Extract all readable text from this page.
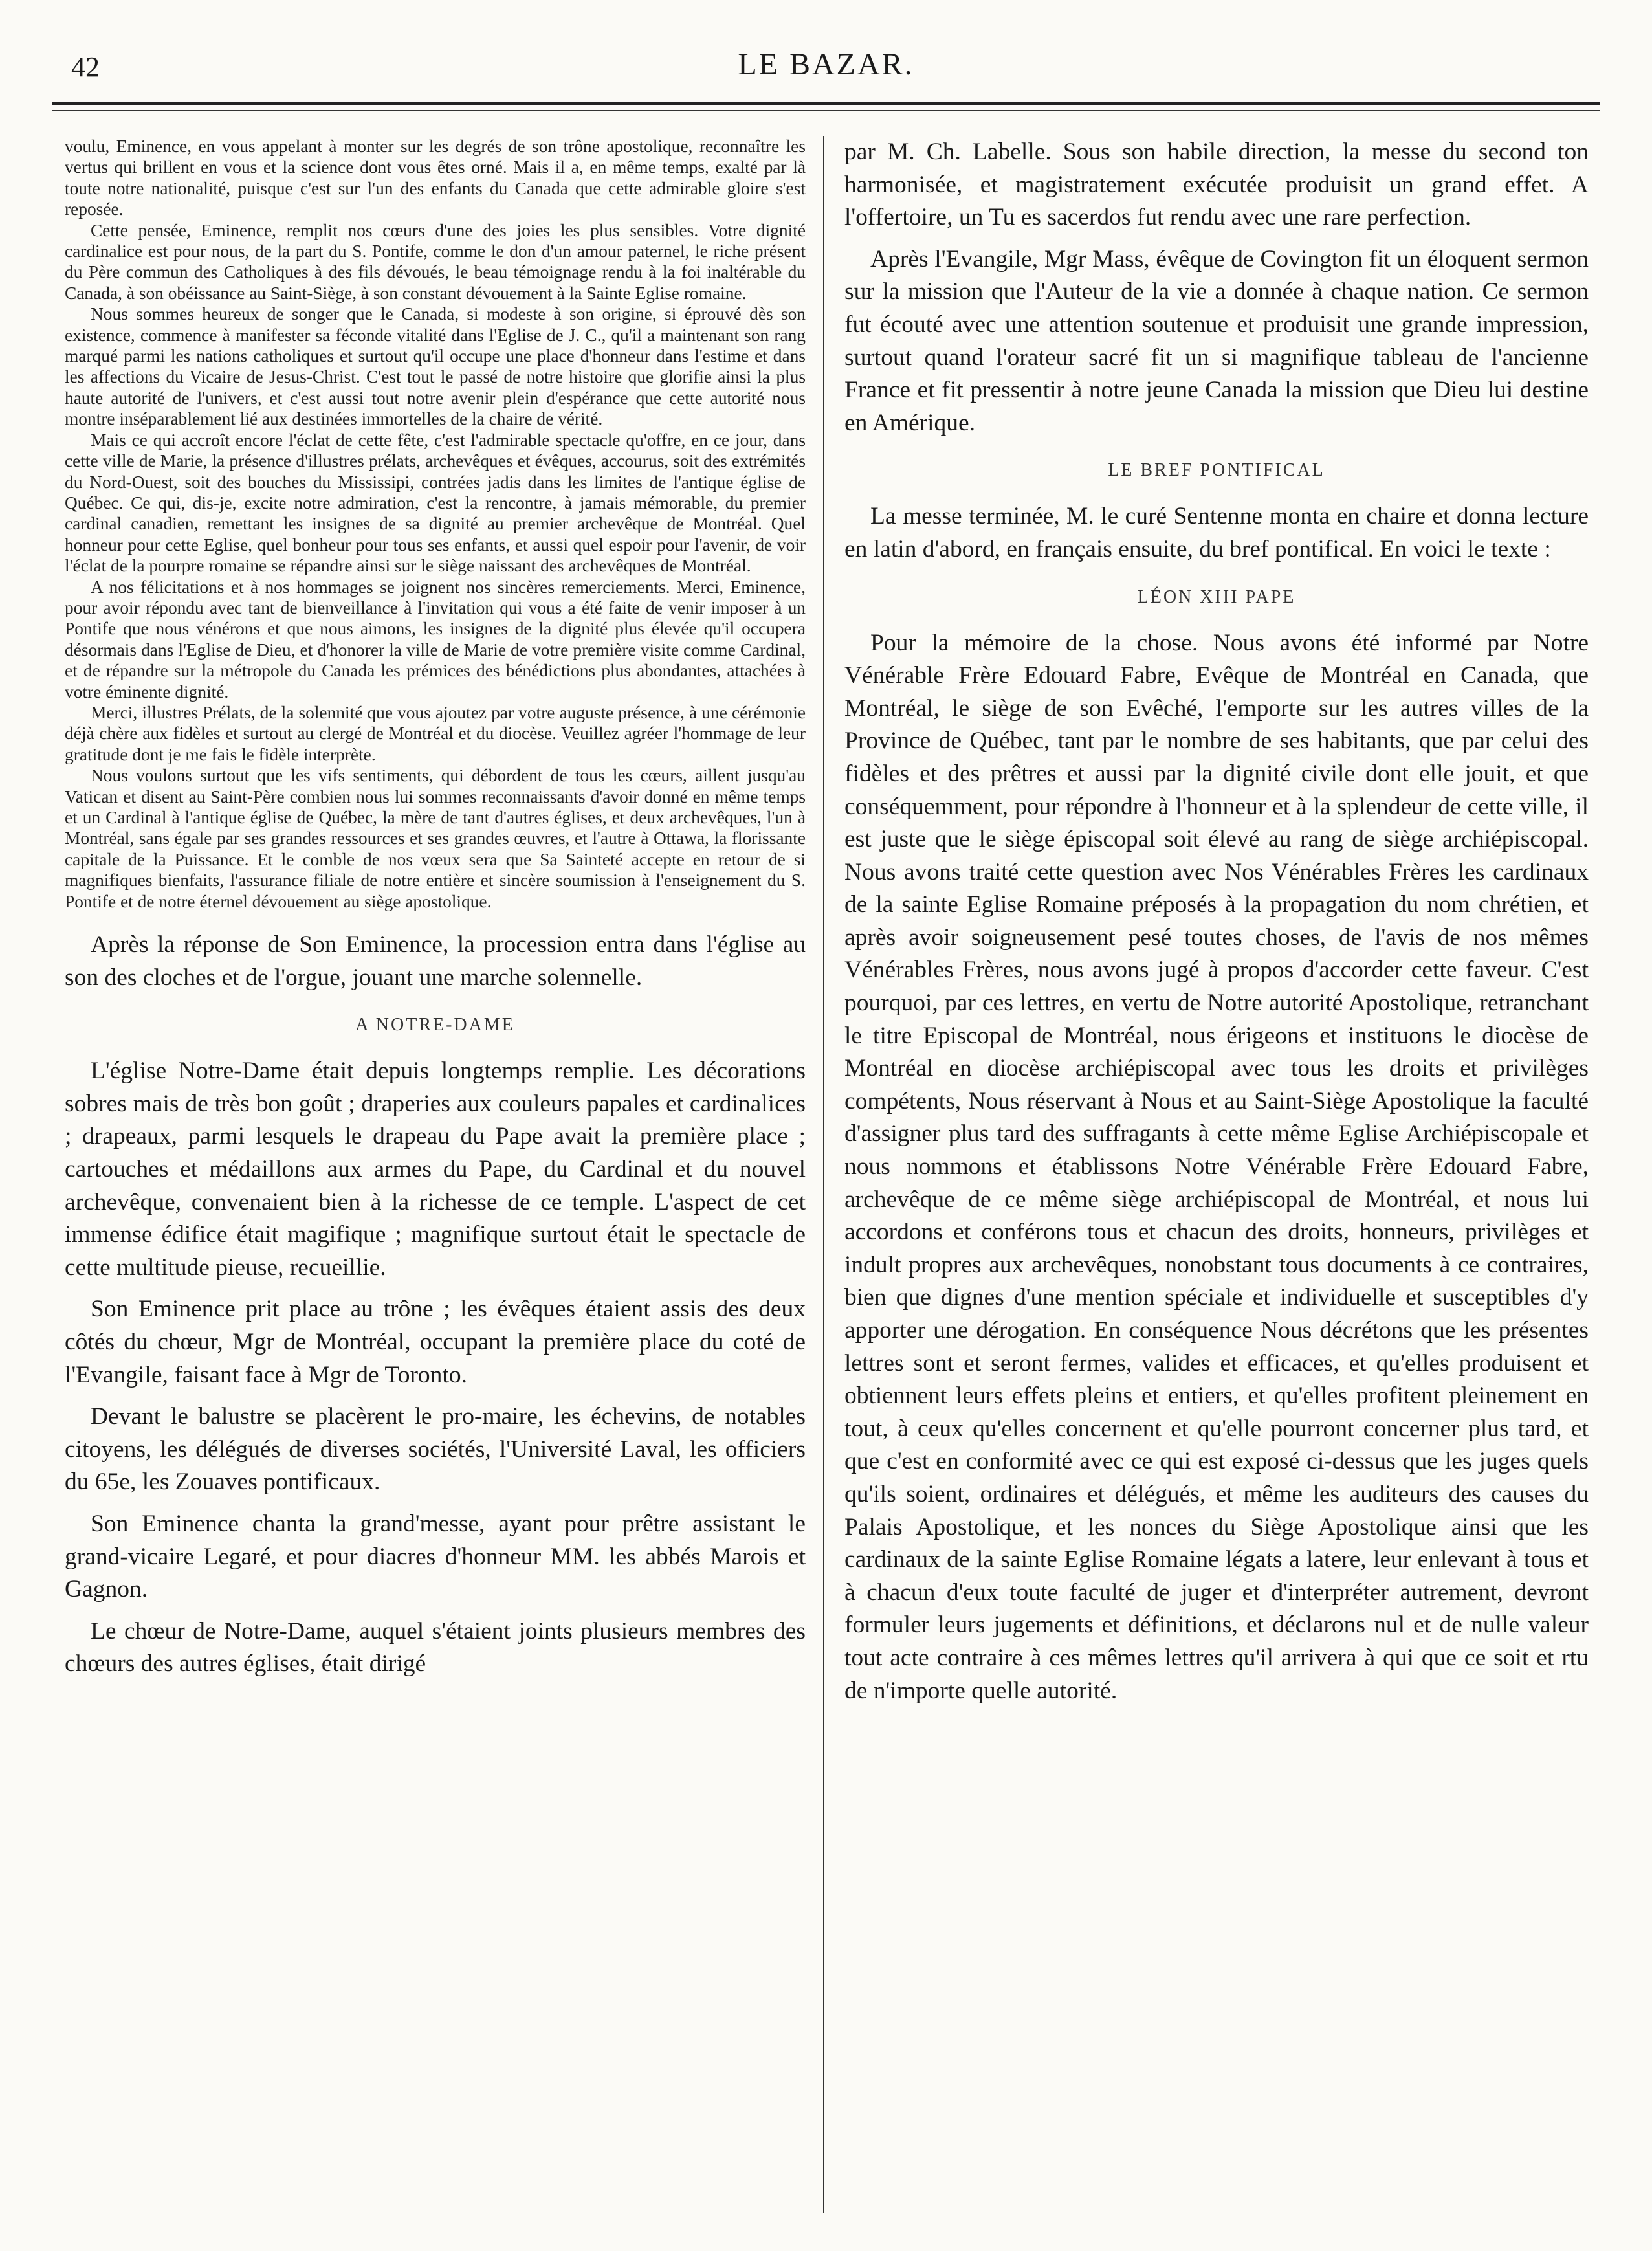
42	LE BAZAR.

voulu, Eminence, en vous appelant à monter sur les degrés de son trône apostolique, reconnaître les vertus qui brillent en vous et la science dont vous êtes orné. Mais il a, en même temps, exalté par là toute notre nationalité, puisque c'est sur l'un des enfants du Canada que cette admirable gloire s'est reposée.

Cette pensée, Eminence, remplit nos cœurs d'une des joies les plus sensibles. Votre dignité cardinalice est pour nous, de la part du S. Pontife, comme le don d'un amour paternel, le riche présent du Père commun des Catholiques à des fils dévoués, le beau témoignage rendu à la foi inaltérable du Canada, à son obéissance au Saint-Siège, à son constant dévouement à la Sainte Eglise romaine.

Nous sommes heureux de songer que le Canada, si modeste à son origine, si éprouvé dès son existence, commence à manifester sa féconde vitalité dans l'Eglise de J. C., qu'il a maintenant son rang marqué parmi les nations catholiques et surtout qu'il occupe une place d'honneur dans l'estime et dans les affections du Vicaire de Jesus-Christ. C'est tout le passé de notre histoire que glorifie ainsi la plus haute autorité de l'univers, et c'est aussi tout notre avenir plein d'espérance que cette autorité nous montre inséparablement lié aux destinées immortelles de la chaire de vérité.

Mais ce qui accroît encore l'éclat de cette fête, c'est l'admirable spectacle qu'offre, en ce jour, dans cette ville de Marie, la présence d'illustres prélats, archevêques et évêques, accourus, soit des extrémités du Nord-Ouest, soit des bouches du Mississipi, contrées jadis dans les limites de l'antique église de Québec. Ce qui, dis-je, excite notre admiration, c'est la rencontre, à jamais mémorable, du premier cardinal canadien, remettant les insignes de sa dignité au premier archevêque de Montréal. Quel honneur pour cette Eglise, quel bonheur pour tous ses enfants, et aussi quel espoir pour l'avenir, de voir l'éclat de la pourpre romaine se répandre ainsi sur le siège naissant des archevêques de Montréal.

A nos félicitations et à nos hommages se joignent nos sincères remerciements. Merci, Eminence, pour avoir répondu avec tant de bienveillance à l'invitation qui vous a été faite de venir imposer à un Pontife que nous vénérons et que nous aimons, les insignes de la dignité plus élevée qu'il occupera désormais dans l'Eglise de Dieu, et d'honorer la ville de Marie de votre première visite comme Cardinal, et de répandre sur la métropole du Canada les prémices des bénédictions plus abondantes, attachées à votre éminente dignité.

Merci, illustres Prélats, de la solennité que vous ajoutez par votre auguste présence, à une cérémonie déjà chère aux fidèles et surtout au clergé de Montréal et du diocèse. Veuillez agréer l'hommage de leur gratitude dont je me fais le fidèle interprète.

Nous voulons surtout que les vifs sentiments, qui débordent de tous les cœurs, aillent jusqu'au Vatican et disent au Saint-Père combien nous lui sommes reconnaissants d'avoir donné en même temps et un Cardinal à l'antique église de Québec, la mère de tant d'autres églises, et deux archevêques, l'un à Montréal, sans égale par ses grandes ressources et ses grandes œuvres, et l'autre à Ottawa, la florissante capitale de la Puissance. Et le comble de nos vœux sera que Sa Sainteté accepte en retour de si magnifiques bienfaits, l'assurance filiale de notre entière et sincère soumission à l'enseignement du S. Pontife et de notre éternel dévouement au siège apostolique.

Après la réponse de Son Eminence, la procession entra dans l'église au son des cloches et de l'orgue, jouant une marche solennelle.

A NOTRE-DAME

L'église Notre-Dame était depuis longtemps remplie. Les décorations sobres mais de très bon goût ; draperies aux couleurs papales et cardinalices ; drapeaux, parmi lesquels le drapeau du Pape avait la première place ; cartouches et médaillons aux armes du Pape, du Cardinal et du nouvel archevêque, convenaient bien à la richesse de ce temple. L'aspect de cet immense édifice était magifique ; magnifique surtout était le spectacle de cette multitude pieuse, recueillie.

Son Eminence prit place au trône ; les évêques étaient assis des deux côtés du chœur, Mgr de Montréal, occupant la première place du coté de l'Evangile, faisant face à Mgr de Toronto.

Devant le balustre se placèrent le pro-maire, les échevins, de notables citoyens, les délégués de diverses sociétés, l'Université Laval, les officiers du 65e, les Zouaves pontificaux.

Son Eminence chanta la grand'messe, ayant pour prêtre assistant le grand-vicaire Legaré, et pour diacres d'honneur MM. les abbés Marois et Gagnon.

Le chœur de Notre-Dame, auquel s'étaient joints plusieurs membres des chœurs des autres églises, était dirigé

par M. Ch. Labelle. Sous son habile direction, la messe du second ton harmonisée, et magistratement exécutée produisit un grand effet. A l'offertoire, un Tu es sacerdos fut rendu avec une rare perfection.

Après l'Evangile, Mgr Mass, évêque de Covington fit un éloquent sermon sur la mission que l'Auteur de la vie a donnée à chaque nation. Ce sermon fut écouté avec une attention soutenue et produisit une grande impression, surtout quand l'orateur sacré fit un si magnifique tableau de l'ancienne France et fit pressentir à notre jeune Canada la mission que Dieu lui destine en Amérique.

LE BREF PONTIFICAL

La messe terminée, M. le curé Sentenne monta en chaire et donna lecture en latin d'abord, en français ensuite, du bref pontifical. En voici le texte :

LÉON XIII PAPE

Pour la mémoire de la chose. Nous avons été informé par Notre Vénérable Frère Edouard Fabre, Evêque de Montréal en Canada, que Montréal, le siège de son Evêché, l'emporte sur les autres villes de la Province de Québec, tant par le nombre de ses habitants, que par celui des fidèles et des prêtres et aussi par la dignité civile dont elle jouit, et que conséquemment, pour répondre à l'honneur et à la splendeur de cette ville, il est juste que le siège épiscopal soit élevé au rang de siège archiépiscopal. Nous avons traité cette question avec Nos Vénérables Frères les cardinaux de la sainte Eglise Romaine préposés à la propagation du nom chrétien, et après avoir soigneusement pesé toutes choses, de l'avis de nos mêmes Vénérables Frères, nous avons jugé à propos d'accorder cette faveur. C'est pourquoi, par ces lettres, en vertu de Notre autorité Apostolique, retranchant le titre Episcopal de Montréal, nous érigeons et instituons le diocèse de Montréal en diocèse archiépiscopal avec tous les droits et privilèges compétents, Nous réservant à Nous et au Saint-Siège Apostolique la faculté d'assigner plus tard des suffragants à cette même Eglise Archiépiscopale et nous nommons et établissons Notre Vénérable Frère Edouard Fabre, archevêque de ce même siège archiépiscopal de Montréal, et nous lui accordons et conférons tous et chacun des droits, honneurs, privilèges et indult propres aux archevêques, nonobstant tous documents à ce contraires, bien que dignes d'une mention spéciale et individuelle et susceptibles d'y apporter une dérogation. En conséquence Nous décrétons que les présentes lettres sont et seront fermes, valides et efficaces, et qu'elles produisent et obtiennent leurs effets pleins et entiers, et qu'elles profitent pleinement en tout, à ceux qu'elles concernent et qu'elle pourront concerner plus tard, et que c'est en conformité avec ce qui est exposé ci-dessus que les juges quels qu'ils soient, ordinaires et délégués, et même les auditeurs des causes du Palais Apostolique, et les nonces du Siège Apostolique ainsi que les cardinaux de la sainte Eglise Romaine légats a latere, leur enlevant à tous et à chacun d'eux toute faculté de juger et d'interpréter autrement, devront formuler leurs jugements et définitions, et déclarons nul et de nulle valeur tout acte contraire à ces mêmes lettres qu'il arrivera à qui que ce soit et rtu de n'importe quelle autorité.
